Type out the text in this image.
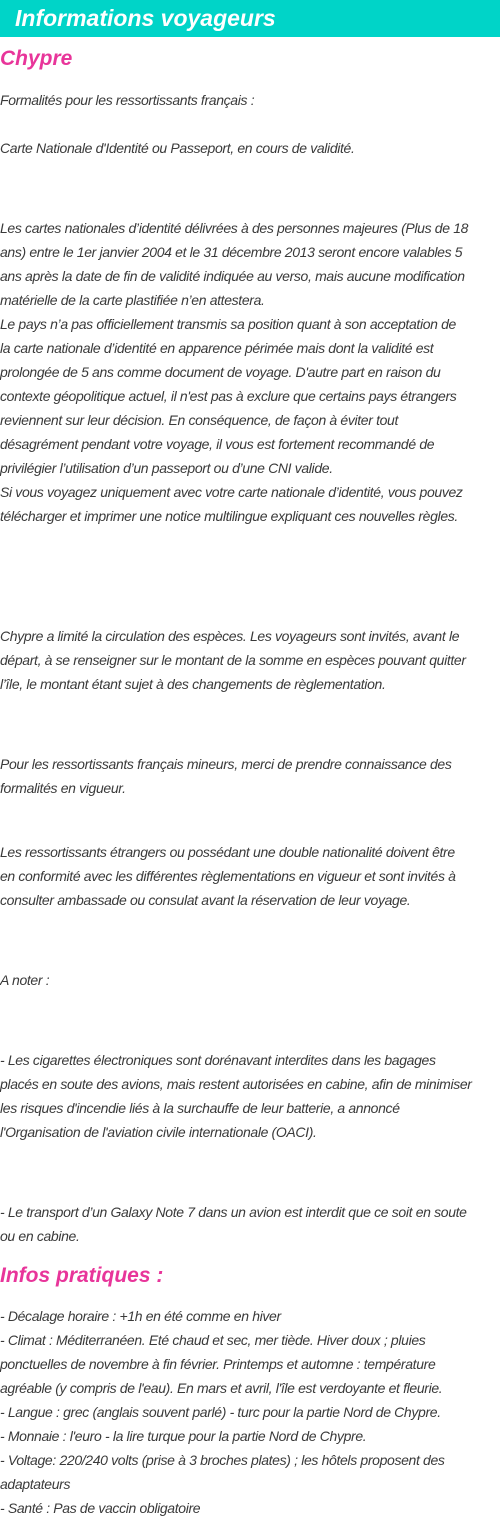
Informations voyageurs
Chypre
Formalités pour les ressortissants français :
Carte Nationale d'Identité ou Passeport, en cours de validité.
Les cartes nationales d’identité délivrées à des personnes majeures (Plus de 18
ans) entre le 1er janvier 2004 et le 31 décembre 2013 seront encore valables 5
ans après la date de fin de validité indiquée au verso, mais aucune modification
matérielle de la carte plastifiée n’en attestera.
Le pays n’a pas officiellement transmis sa position quant à son acceptation de
la carte nationale d’identité en apparence périmée mais dont la validité est
prolongée de 5 ans comme document de voyage. D'autre part en raison du
contexte géopolitique actuel, il n'est pas à exclure que certains pays étrangers
reviennent sur leur décision. En conséquence, de façon à éviter tout
désagrément pendant votre voyage, il vous est fortement recommandé de
privilégier l’utilisation d’un passeport ou d’une CNI valide.
Si vous voyagez uniquement avec votre carte nationale d’identité, vous pouvez
télécharger et imprimer une notice multilingue expliquant ces nouvelles règles.
Chypre a limité la circulation des espèces. Les voyageurs sont invités, avant le
départ, à se renseigner sur le montant de la somme en espèces pouvant quitter
l’île, le montant étant sujet à des changements de règlementation.
Pour les ressortissants français mineurs, merci de prendre connaissance des
formalités en vigueur.
Les ressortissants étrangers ou possédant une double nationalité doivent être
en conformité avec les différentes règlementations en vigueur et sont invités à
consulter ambassade ou consulat avant la réservation de leur voyage.
A noter :
- Les cigarettes électroniques sont dorénavant interdites dans les bagages
placés en soute des avions, mais restent autorisées en cabine, afin de minimiser
les risques d'incendie liés à la surchauffe de leur batterie, a annoncé
l'Organisation de l'aviation civile internationale (OACI).
- Le transport d’un Galaxy Note 7 dans un avion est interdit que ce soit en soute
ou en cabine.
Infos pratiques :
- Décalage horaire : +1h en été comme en hiver
- Climat : Méditerranéen. Eté chaud et sec, mer tiède. Hiver doux ; pluies
ponctuelles de novembre à fin février. Printemps et automne : température
agréable (y compris de l'eau). En mars et avril, l'île est verdoyante et fleurie.
- Langue : grec (anglais souvent parlé) - turc pour la partie Nord de Chypre.
- Monnaie : l'euro - la lire turque pour la partie Nord de Chypre.
- Voltage: 220/240 volts (prise à 3 broches plates) ; les hôtels proposent des
adaptateurs
- Santé : Pas de vaccin obligatoire
